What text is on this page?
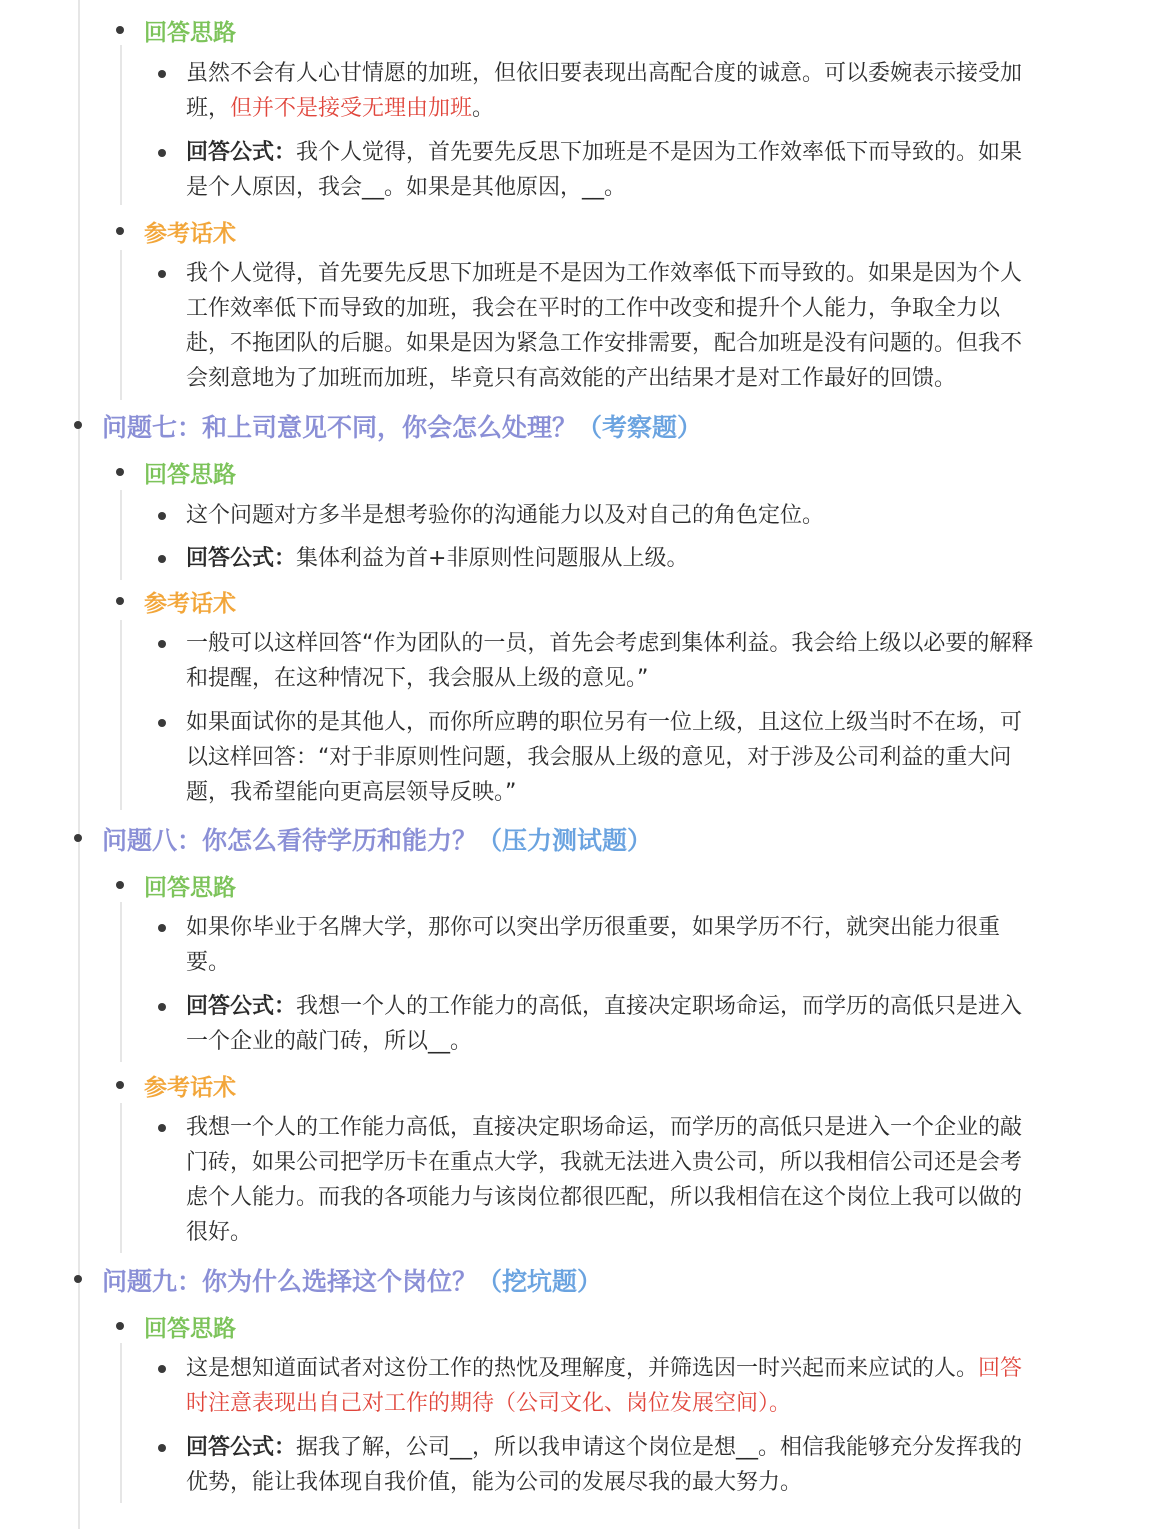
回答思路
虽然不会有人心甘情愿的加班，但依旧要表现出高配合度的诚意。可以委婉表示接受加
班，但并不是接受无理由加班。
回答公式：我个人觉得，首先要先反思下加班是不是因为工作效率低下而导致的。如果
是个人原因，我会__。如果是其他原因，__。
参考话术
我个人觉得，首先要先反思下加班是不是因为工作效率低下而导致的。如果是因为个人
工作效率低下而导致的加班，我会在平时的工作中改变和提升个人能力，争取全力以
赴，不拖团队的后腿。如果是因为紧急工作安排需要，配合加班是没有问题的。但我不
会刻意地为了加班而加班，毕竟只有高效能的产出结果才是对工作最好的回馈。
问题七：和上司意见不同，你会怎么处理？（考察题）
回答思路
这个问题对方多半是想考验你的沟通能力以及对自己的角色定位。
回答公式：集体利益为首+非原则性问题服从上级。
参考话术
一般可以这样回答“作为团队的一员，首先会考虑到集体利益。我会给上级以必要的解释
和提醒，在这种情况下，我会服从上级的意见。”
如果面试你的是其他人，而你所应聘的职位另有一位上级，且这位上级当时不在场，可
以这样回答：“对于非原则性问题，我会服从上级的意见，对于涉及公司利益的重大问
题，我希望能向更高层领导反映。”
问题八：你怎么看待学历和能力？（压力测试题）
回答思路
如果你毕业于名牌大学，那你可以突出学历很重要，如果学历不行，就突出能力很重
要。
回答公式：我想一个人的工作能力的高低，直接决定职场命运，而学历的高低只是进入
一个企业的敲门砖，所以__。
参考话术
我想一个人的工作能力高低，直接决定职场命运，而学历的高低只是进入一个企业的敲
门砖，如果公司把学历卡在重点大学，我就无法进入贵公司，所以我相信公司还是会考
虑个人能力。而我的各项能力与该岗位都很匹配，所以我相信在这个岗位上我可以做的
很好。
问题九：你为什么选择这个岗位？（挖坑题）
回答思路
这是想知道面试者对这份工作的热忱及理解度，并筛选因一时兴起而来应试的人。回答
时注意表现出自己对工作的期待（公司文化、岗位发展空间）。
回答公式：据我了解，公司__，所以我申请这个岗位是想__。相信我能够充分发挥我的
优势，能让我体现自我价值，能为公司的发展尽我的最大努力。
